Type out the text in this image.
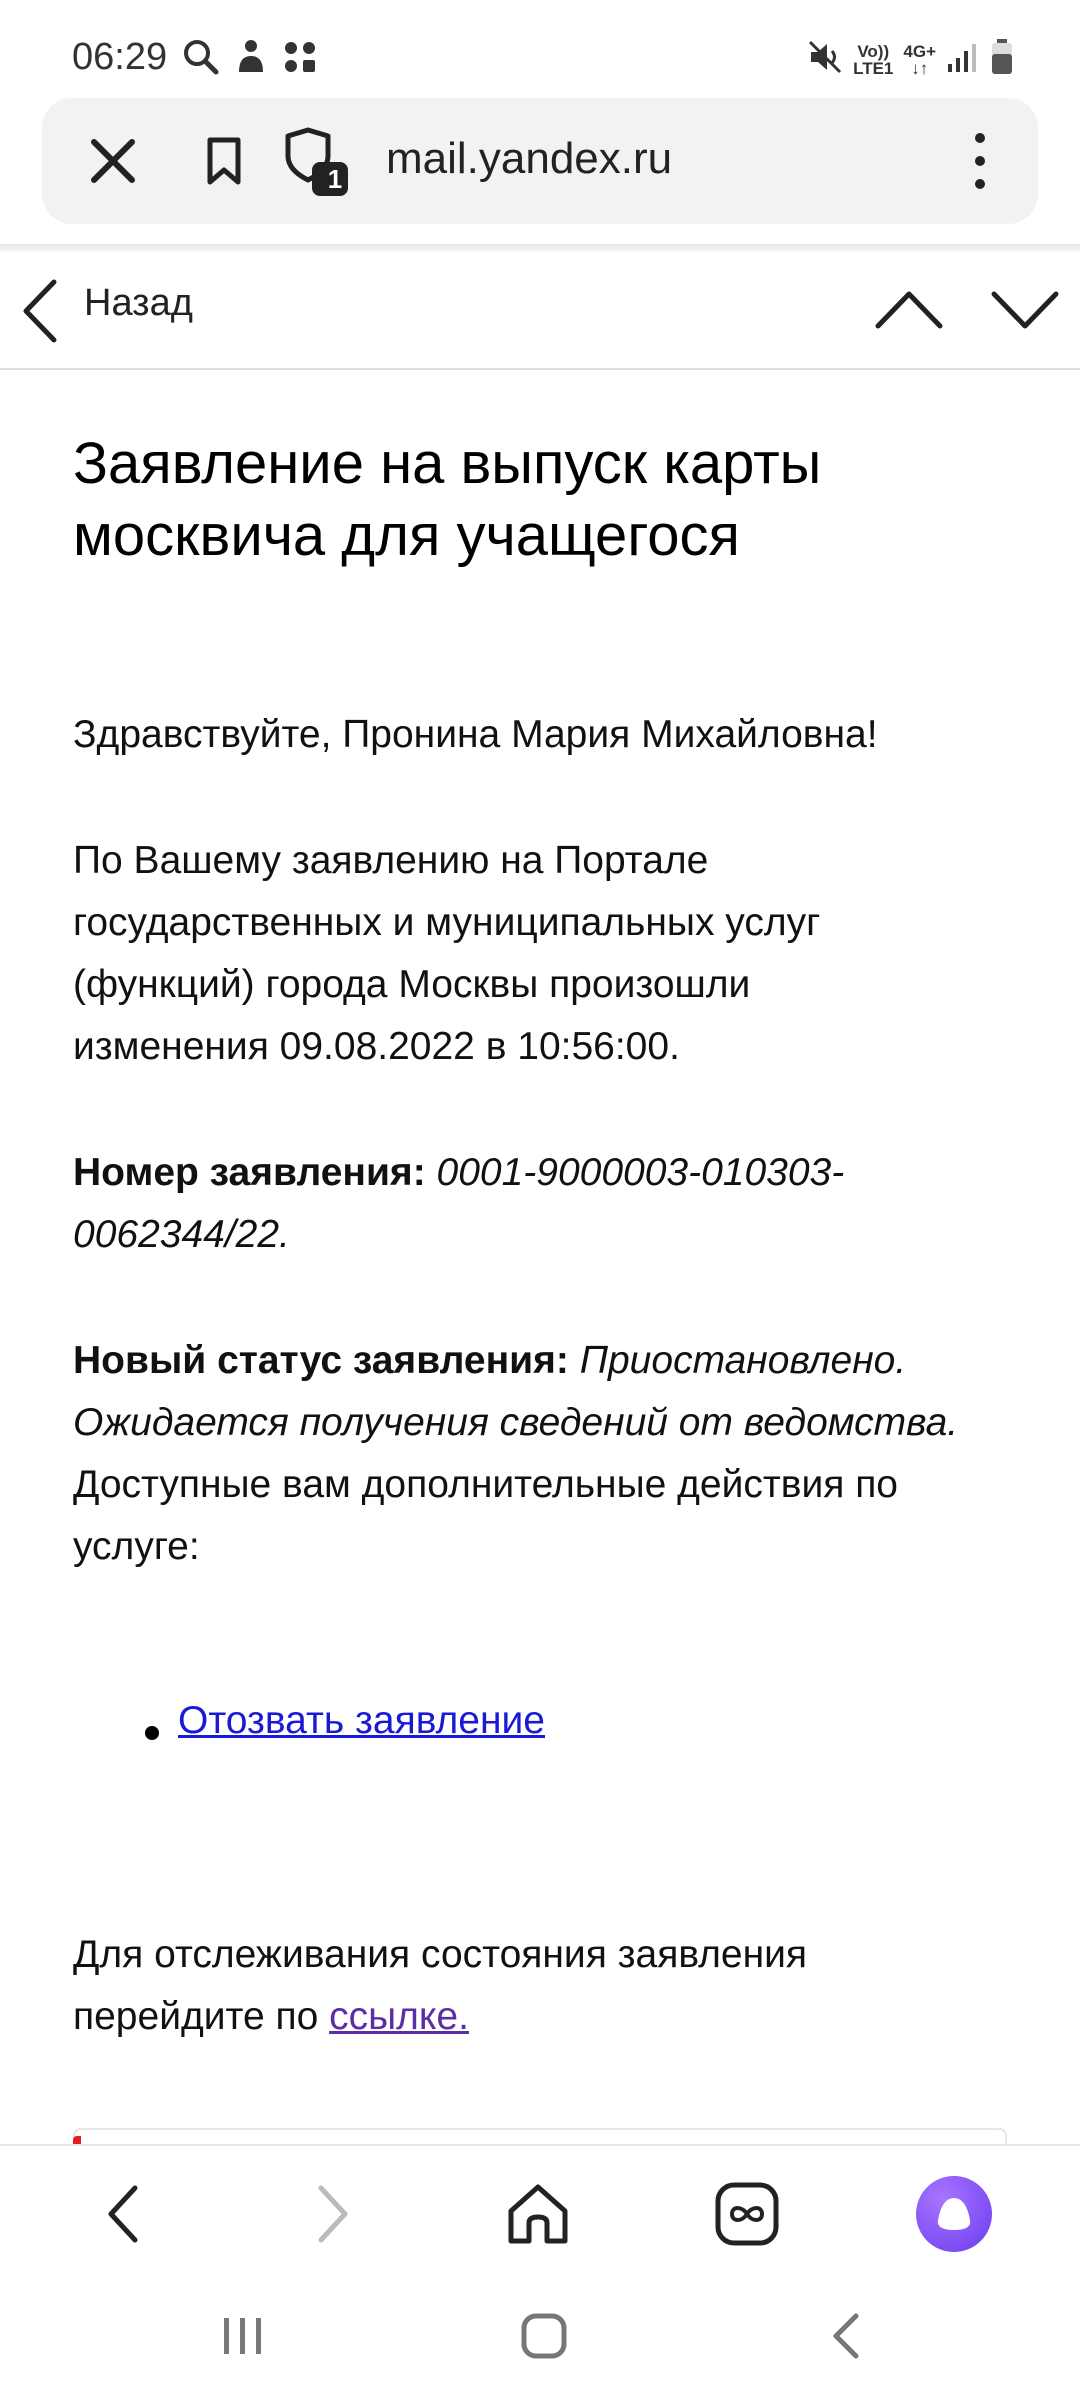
06:29	Vo))
LTE1
4G+
↓↑
1 mail.yandex.ru
Назад
Заявление на выпуск карты москвича для учащегося
Здравствуйте, Пронина Мария Михайловна!
По Вашему заявлению на Портале
государственных и муниципальных услуг
(функций) города Москвы произошли
изменения 09.08.2022 в 10:56:00.
Номер заявления: 0001-9000003-010303-
0062344/22.
Новый статус заявления: Приостановлено.
Ожидается получения сведений от ведомства.
Доступные вам дополнительные действия по
услуге:
Отозвать заявление
Для отслеживания состояния заявления
перейдите по ссылке.
